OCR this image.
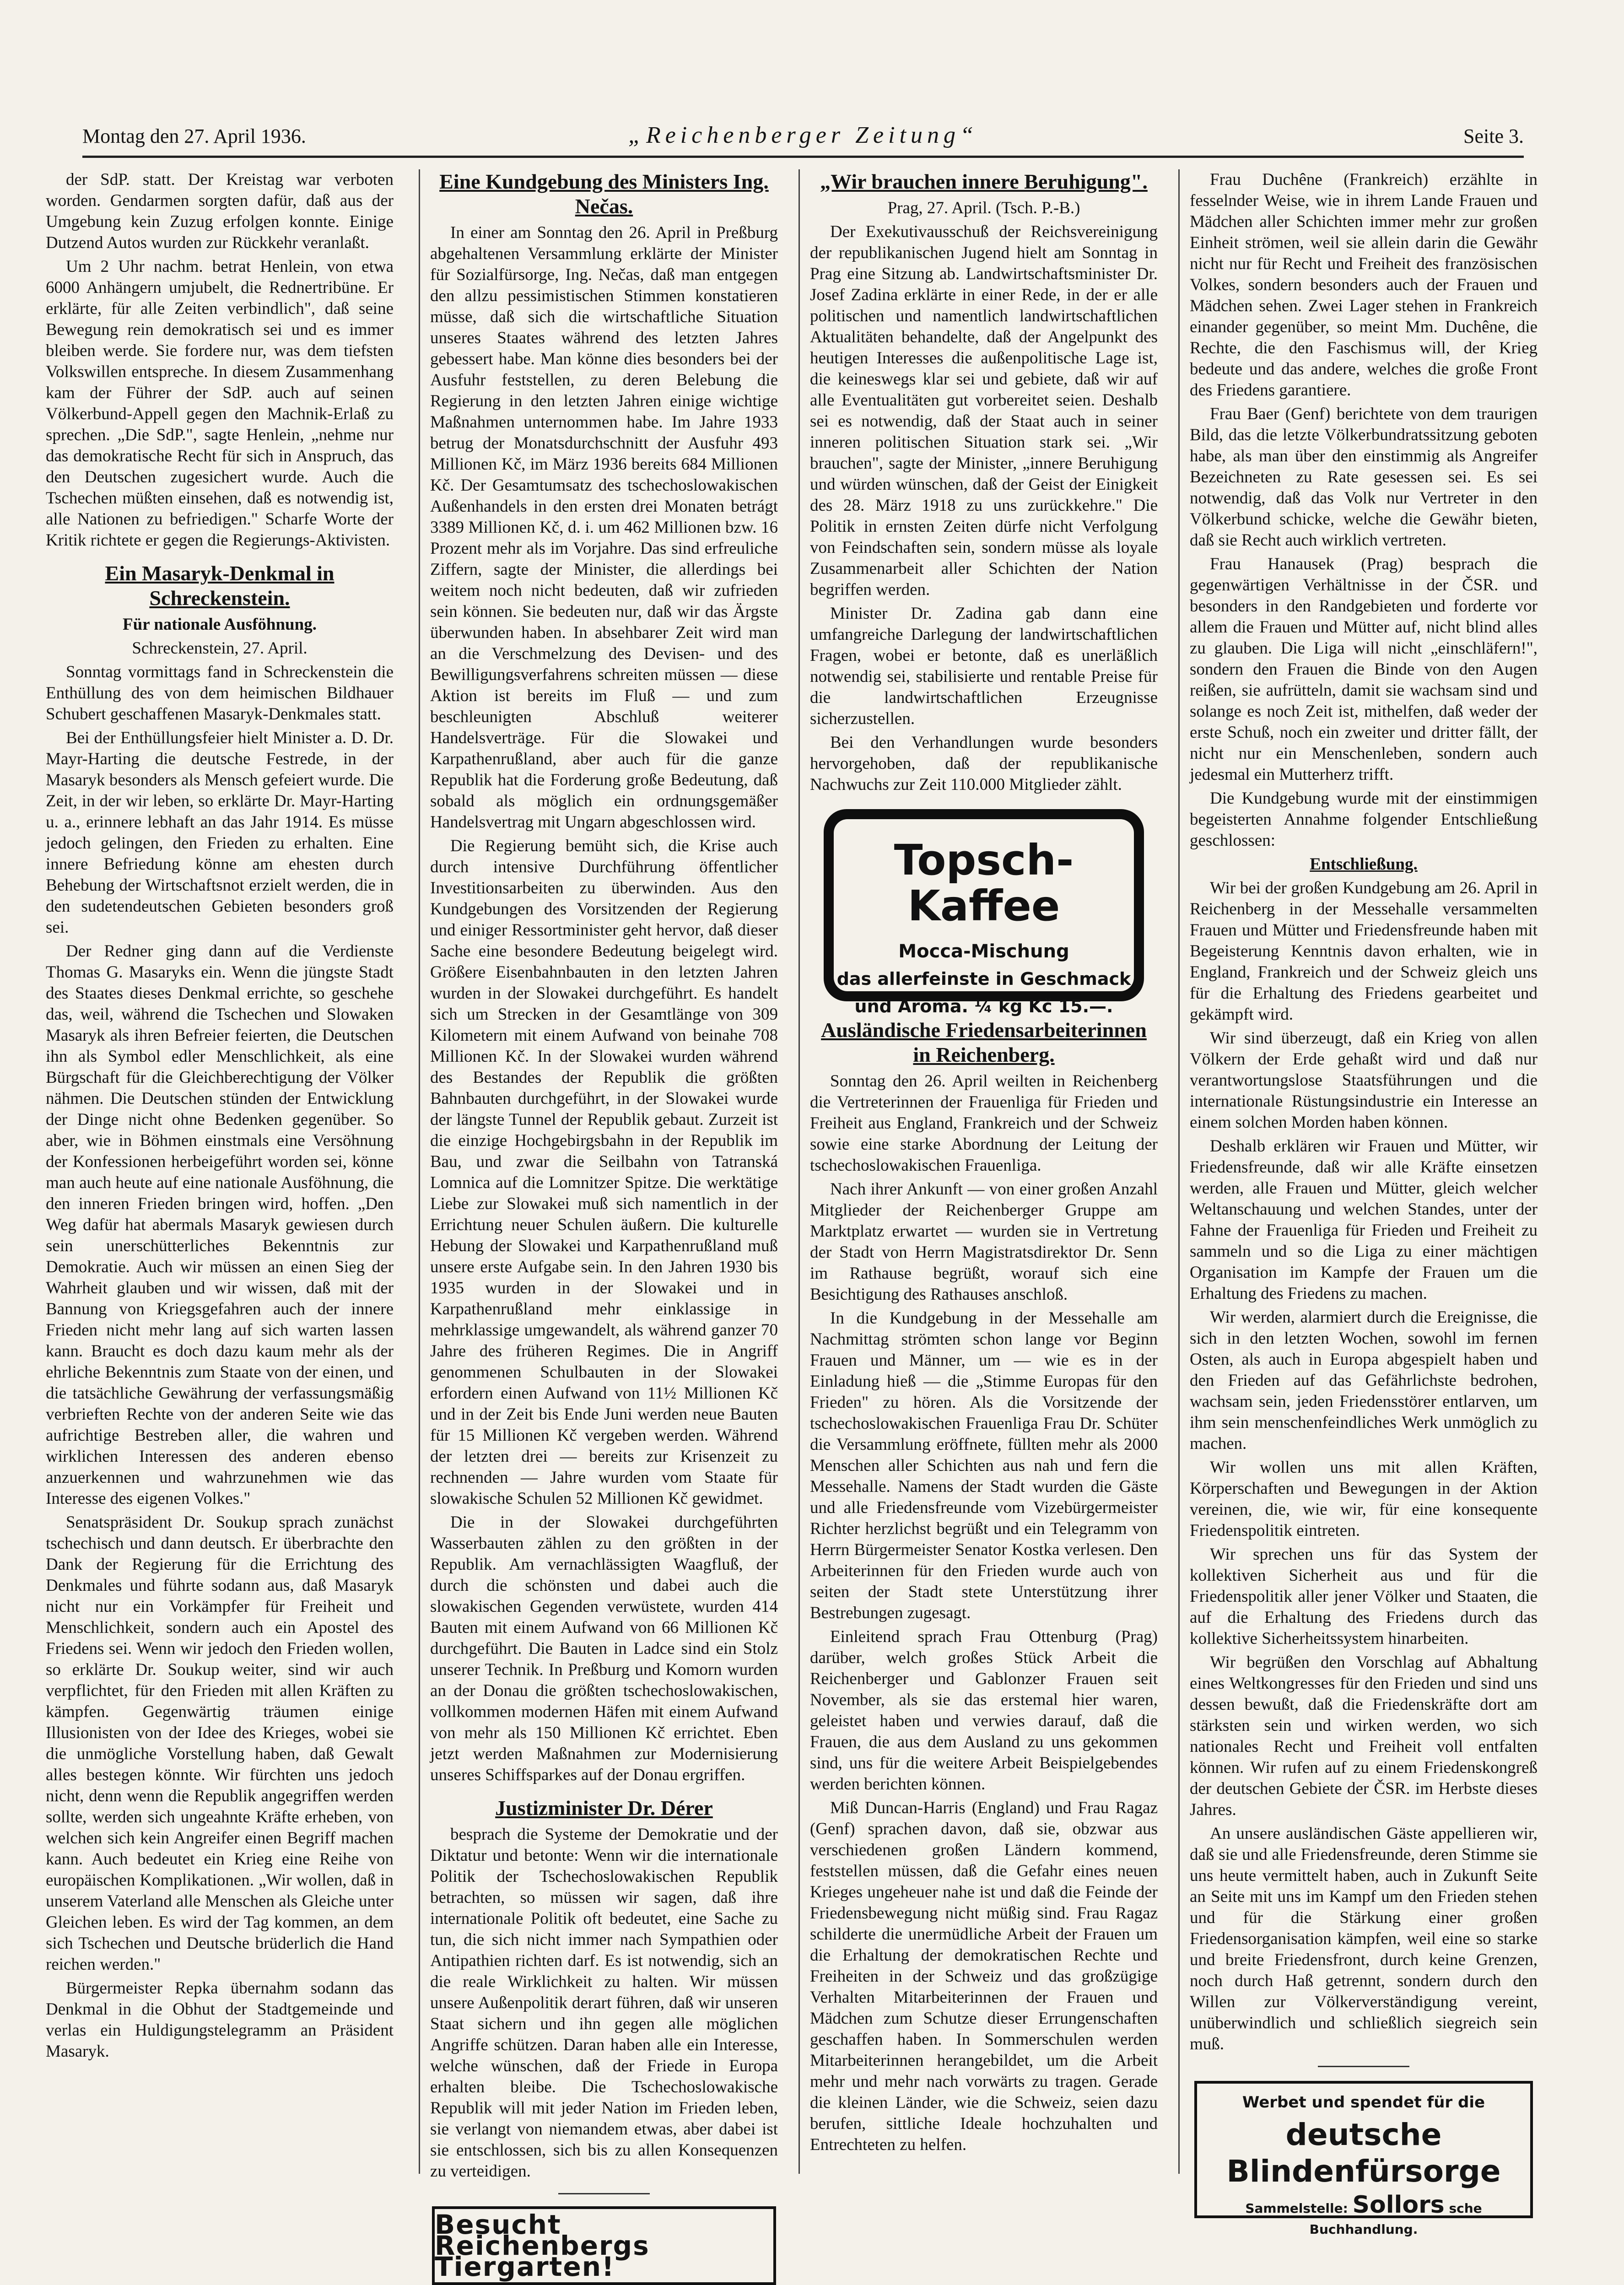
Montag den 27. April 1936.	„Reichenberger Zeitung“	Seite 3.

der SdP. statt. Der Kreistag war verboten worden. Gendarmen sorgten dafür, daß aus der Umgebung kein Zuzug erfolgen konnte. Einige Dutzend Autos wurden zur Rückkehr veranlaßt.

Um 2 Uhr nachm. betrat Henlein, von etwa 6000 Anhängern umjubelt, die Rednertribüne. Er erklärte, für alle Zeiten verbindlich", daß seine Bewegung rein demokratisch sei und es immer bleiben werde. Sie fordere nur, was dem tiefsten Volkswillen entspreche. In diesem Zusammenhang kam der Führer der SdP. auch auf seinen Völkerbund-Appell gegen den Machnik-Erlaß zu sprechen. „Die SdP.", sagte Henlein, „nehme nur das demokratische Recht für sich in Anspruch, das den Deutschen zugesichert wurde. Auch die Tschechen müßten einsehen, daß es notwendig ist, alle Nationen zu befriedigen." Scharfe Worte der Kritik richtete er gegen die Regierungs-Aktivisten.

Ein Masaryk-Denkmal in Schreckenstein.
Für nationale Ausföhnung.
Schreckenstein, 27. April.

Sonntag vormittags fand in Schreckenstein die Enthüllung des von dem heimischen Bildhauer Schubert geschaffenen Masaryk-Denkmales statt.

Bei der Enthüllungsfeier hielt Minister a. D. Dr. Mayr-Harting die deutsche Festrede, in der Masaryk besonders als Mensch gefeiert wurde. Die Zeit, in der wir leben, so erklärte Dr. Mayr-Harting u. a., erinnere lebhaft an das Jahr 1914. Es müsse jedoch gelingen, den Frieden zu erhalten. Eine innere Befriedung könne am ehesten durch Behebung der Wirtschaftsnot erzielt werden, die in den sudetendeutschen Gebieten besonders groß sei.

Der Redner ging dann auf die Verdienste Thomas G. Masaryks ein. Wenn die jüngste Stadt des Staates dieses Denkmal errichte, so geschehe das, weil, während die Tschechen und Slowaken Masaryk als ihren Befreier feierten, die Deutschen ihn als Symbol edler Menschlichkeit, als eine Bürgschaft für die Gleichberechtigung der Völker nähmen. Die Deutschen stünden der Entwicklung der Dinge nicht ohne Bedenken gegenüber. So aber, wie in Böhmen einstmals eine Versöhnung der Konfessionen herbeigeführt worden sei, könne man auch heute auf eine nationale Ausföhnung, die den inneren Frieden bringen wird, hoffen. „Den Weg dafür hat abermals Masaryk gewiesen durch sein unerschütterliches Bekenntnis zur Demokratie. Auch wir müssen an einen Sieg der Wahrheit glauben und wir wissen, daß mit der Bannung von Kriegsgefahren auch der innere Frieden nicht mehr lang auf sich warten lassen kann. Braucht es doch dazu kaum mehr als der ehrliche Bekenntnis zum Staate von der einen, und die tatsächliche Gewährung der verfassungsmäßig verbrieften Rechte von der anderen Seite wie das aufrichtige Bestreben aller, die wahren und wirklichen Interessen des anderen ebenso anzuerkennen und wahrzunehmen wie das Interesse des eigenen Volkes."

Senatspräsident Dr. Soukup sprach zunächst tschechisch und dann deutsch. Er überbrachte den Dank der Regierung für die Errichtung des Denkmales und führte sodann aus, daß Masaryk nicht nur ein Vorkämpfer für Freiheit und Menschlichkeit, sondern auch ein Apostel des Friedens sei. Wenn wir jedoch den Frieden wollen, so erklärte Dr. Soukup weiter, sind wir auch verpflichtet, für den Frieden mit allen Kräften zu kämpfen. Gegenwärtig träumen einige Illusionisten von der Idee des Krieges, wobei sie die unmögliche Vorstellung haben, daß Gewalt alles bestegen könnte. Wir fürchten uns jedoch nicht, denn wenn die Republik angegriffen werden sollte, werden sich ungeahnte Kräfte erheben, von welchen sich kein Angreifer einen Begriff machen kann. Auch bedeutet ein Krieg eine Reihe von europäischen Komplikationen. „Wir wollen, daß in unserem Vaterland alle Menschen als Gleiche unter Gleichen leben. Es wird der Tag kommen, an dem sich Tschechen und Deutsche brüderlich die Hand reichen werden."

Bürgermeister Repka übernahm sodann das Denkmal in die Obhut der Stadtgemeinde und verlas ein Huldigungstelegramm an Präsident Masaryk.

Eine Kundgebung des Ministers Ing. Nečas.

In einer am Sonntag den 26. April in Preßburg abgehaltenen Versammlung erklärte der Minister für Sozialfürsorge, Ing. Nečas, daß man entgegen den allzu pessimistischen Stimmen konstatieren müsse, daß sich die wirtschaftliche Situation unseres Staates während des letzten Jahres gebessert habe. Man könne dies besonders bei der Ausfuhr feststellen, zu deren Belebung die Regierung in den letzten Jahren einige wichtige Maßnahmen unternommen habe. Im Jahre 1933 betrug der Monatsdurchschnitt der Ausfuhr 493 Millionen Kč, im März 1936 bereits 684 Millionen Kč. Der Gesamtumsatz des tschechoslowakischen Außenhandels in den ersten drei Monaten betrágt 3389 Millionen Kč, d. i. um 462 Millionen bzw. 16 Prozent mehr als im Vorjahre. Das sind erfreuliche Ziffern, sagte der Minister, die allerdings bei weitem noch nicht bedeuten, daß wir zufrieden sein können. Sie bedeuten nur, daß wir das Ärgste überwunden haben. In absehbarer Zeit wird man an die Verschmelzung des Devisen- und des Bewilligungsverfahrens schreiten müssen — diese Aktion ist bereits im Fluß — und zum beschleunigten Abschluß weiterer Handelsverträge. Für die Slowakei und Karpathenrußland, aber auch für die ganze Republik hat die Forderung große Bedeutung, daß sobald als möglich ein ordnungsgemäßer Handelsvertrag mit Ungarn abgeschlossen wird.

Die Regierung bemüht sich, die Krise auch durch intensive Durchführung öffentlicher Investitionsarbeiten zu überwinden. Aus den Kundgebungen des Vorsitzenden der Regierung und einiger Ressortminister geht hervor, daß dieser Sache eine besondere Bedeutung beigelegt wird. Größere Eisenbahnbauten in den letzten Jahren wurden in der Slowakei durchgeführt. Es handelt sich um Strecken in der Gesamtlänge von 309 Kilometern mit einem Aufwand von beinahe 708 Millionen Kč. In der Slowakei wurden während des Bestandes der Republik die größten Bahnbauten durchgeführt, in der Slowakei wurde der längste Tunnel der Republik gebaut. Zurzeit ist die einzige Hochgebirgsbahn in der Republik im Bau, und zwar die Seilbahn von Tatranská Lomnica auf die Lomnitzer Spitze. Die werktätige Liebe zur Slowakei muß sich namentlich in der Errichtung neuer Schulen äußern. Die kulturelle Hebung der Slowakei und Karpathenrußland muß unsere erste Aufgabe sein. In den Jahren 1930 bis 1935 wurden in der Slowakei und in Karpathenrußland mehr einklassige in mehrklassige umgewandelt, als während ganzer 70 Jahre des früheren Regimes. Die in Angriff genommenen Schulbauten in der Slowakei erfordern einen Aufwand von 11½ Millionen Kč und in der Zeit bis Ende Juni werden neue Bauten für 15 Millionen Kč vergeben werden. Während der letzten drei — bereits zur Krisenzeit zu rechnenden — Jahre wurden vom Staate für slowakische Schulen 52 Millionen Kč gewidmet.

Die in der Slowakei durchgeführten Wasserbauten zählen zu den größten in der Republik. Am vernachlässigten Waagfluß, der durch die schönsten und dabei auch die slowakischen Gegenden verwüstete, wurden 414 Bauten mit einem Aufwand von 66 Millionen Kč durchgeführt. Die Bauten in Ladce sind ein Stolz unserer Technik. In Preßburg und Komorn wurden an der Donau die größten tschechoslowakischen, vollkommen modernen Häfen mit einem Aufwand von mehr als 150 Millionen Kč errichtet. Eben jetzt werden Maßnahmen zur Modernisierung unseres Schiffsparkes auf der Donau ergriffen.

Justizminister Dr. Dérer

besprach die Systeme der Demokratie und der Diktatur und betonte: Wenn wir die internationale Politik der Tschechoslowakischen Republik betrachten, so müssen wir sagen, daß ihre internationale Politik oft bedeutet, eine Sache zu tun, die sich nicht immer nach Sympathien oder Antipathien richten darf. Es ist notwendig, sich an die reale Wirklichkeit zu halten. Wir müssen unsere Außenpolitik derart führen, daß wir unseren Staat sichern und ihn gegen alle möglichen Angriffe schützen. Daran haben alle ein Interesse, welche wünschen, daß der Friede in Europa erhalten bleibe. Die Tschechoslowakische Republik will mit jeder Nation im Frieden leben, sie verlangt von niemandem etwas, aber dabei ist sie entschlossen, sich bis zu allen Konsequenzen zu verteidigen.

Besucht Reichenbergs Tiergarten!
„Wir brauchen innere Beruhigung".
Prag, 27. April. (Tsch. P.-B.)

Der Exekutivausschuß der Reichsvereinigung der republikanischen Jugend hielt am Sonntag in Prag eine Sitzung ab. Landwirtschaftsminister Dr. Josef Zadina erklärte in einer Rede, in der er alle politischen und namentlich landwirtschaftlichen Aktualitäten behandelte, daß der Angelpunkt des heutigen Interesses die außenpolitische Lage ist, die keineswegs klar sei und gebiete, daß wir auf alle Eventualitäten gut vorbereitet seien. Deshalb sei es notwendig, daß der Staat auch in seiner inneren politischen Situation stark sei. „Wir brauchen", sagte der Minister, „innere Beruhigung und würden wünschen, daß der Geist der Einigkeit des 28. März 1918 zu uns zurückkehre." Die Politik in ernsten Zeiten dürfe nicht Verfolgung von Feindschaften sein, sondern müsse als loyale Zusammenarbeit aller Schichten der Nation begriffen werden.

Minister Dr. Zadina gab dann eine umfangreiche Darlegung der landwirtschaftlichen Fragen, wobei er betonte, daß es unerläßlich notwendig sei, stabilisierte und rentable Preise für die landwirtschaftlichen Erzeugnisse sicherzustellen.

Bei den Verhandlungen wurde besonders hervorgehoben, daß der republikanische Nachwuchs zur Zeit 110.000 Mitglieder zählt.

Topsch-Kaffee
Mocca-Mischung
das allerfeinste in Geschmack
und Aroma. ¼ kg Kč 15.—.
Ausländische Friedensarbeiterinnen in Reichenberg.

Sonntag den 26. April weilten in Reichenberg die Vertreterinnen der Frauenliga für Frieden und Freiheit aus England, Frankreich und der Schweiz sowie eine starke Abordnung der Leitung der tschechoslowakischen Frauenliga.

Nach ihrer Ankunft — von einer großen Anzahl Mitglieder der Reichenberger Gruppe am Marktplatz erwartet — wurden sie in Vertretung der Stadt von Herrn Magistratsdirektor Dr. Senn im Rathause begrüßt, worauf sich eine Besichtigung des Rathauses anschloß.

In die Kundgebung in der Messehalle am Nachmittag strömten schon lange vor Beginn Frauen und Männer, um — wie es in der Einladung hieß — die „Stimme Europas für den Frieden" zu hören. Als die Vorsitzende der tschechoslowakischen Frauenliga Frau Dr. Schüter die Versammlung eröffnete, füllten mehr als 2000 Menschen aller Schichten aus nah und fern die Messehalle. Namens der Stadt wurden die Gäste und alle Friedensfreunde vom Vizebürgermeister Richter herzlichst begrüßt und ein Telegramm von Herrn Bürgermeister Senator Kostka verlesen. Den Arbeiterinnen für den Frieden wurde auch von seiten der Stadt stete Unterstützung ihrer Bestrebungen zugesagt.

Einleitend sprach Frau Ottenburg (Prag) darüber, welch großes Stück Arbeit die Reichenberger und Gablonzer Frauen seit November, als sie das erstemal hier waren, geleistet haben und verwies darauf, daß die Frauen, die aus dem Ausland zu uns gekommen sind, uns für die weitere Arbeit Beispielgebendes werden berichten können.

Miß Duncan-Harris (England) und Frau Ragaz (Genf) sprachen davon, daß sie, obzwar aus verschiedenen großen Ländern kommend, feststellen müssen, daß die Gefahr eines neuen Krieges ungeheuer nahe ist und daß die Feinde der Friedensbewegung nicht müßig sind. Frau Ragaz schilderte die unermüdliche Arbeit der Frauen um die Erhaltung der demokratischen Rechte und Freiheiten in der Schweiz und das großzügige Verhalten Mitarbeiterinnen der Frauen und Mädchen zum Schutze dieser Errungenschaften geschaffen haben. In Sommerschulen werden Mitarbeiterinnen herangebildet, um die Arbeit mehr und mehr nach vorwärts zu tragen. Gerade die kleinen Länder, wie die Schweiz, seien dazu berufen, sittliche Ideale hochzuhalten und Entrechteten zu helfen.

Frau Duchêne (Frankreich) erzählte in fesselnder Weise, wie in ihrem Lande Frauen und Mädchen aller Schichten immer mehr zur großen Einheit strömen, weil sie allein darin die Gewähr nicht nur für Recht und Freiheit des französischen Volkes, sondern besonders auch der Frauen und Mädchen sehen. Zwei Lager stehen in Frankreich einander gegenüber, so meint Mm. Duchêne, die Rechte, die den Faschismus will, der Krieg bedeute und das andere, welches die große Front des Friedens garantiere.

Frau Baer (Genf) berichtete von dem traurigen Bild, das die letzte Völkerbundratssitzung geboten habe, als man über den einstimmig als Angreifer Bezeichneten zu Rate gesessen sei. Es sei notwendig, daß das Volk nur Vertreter in den Völkerbund schicke, welche die Gewähr bieten, daß sie Recht auch wirklich vertreten.

Frau Hanausek (Prag) besprach die gegenwärtigen Verhältnisse in der ČSR. und besonders in den Randgebieten und forderte vor allem die Frauen und Mütter auf, nicht blind alles zu glauben. Die Liga will nicht „einschläfern!", sondern den Frauen die Binde von den Augen reißen, sie aufrütteln, damit sie wachsam sind und solange es noch Zeit ist, mithelfen, daß weder der erste Schuß, noch ein zweiter und dritter fällt, der nicht nur ein Menschenleben, sondern auch jedesmal ein Mutterherz trifft.

Die Kundgebung wurde mit der einstimmigen begeisterten Annahme folgender Entschließung geschlossen:

Entschließung.

Wir bei der großen Kundgebung am 26. April in Reichenberg in der Messehalle versammelten Frauen und Mütter und Friedensfreunde haben mit Begeisterung Kenntnis davon erhalten, wie in England, Frankreich und der Schweiz gleich uns für die Erhaltung des Friedens gearbeitet und gekämpft wird.

Wir sind überzeugt, daß ein Krieg von allen Völkern der Erde gehaßt wird und daß nur verantwortungslose Staatsführungen und die internationale Rüstungsindustrie ein Interesse an einem solchen Morden haben können.

Deshalb erklären wir Frauen und Mütter, wir Friedensfreunde, daß wir alle Kräfte einsetzen werden, alle Frauen und Mütter, gleich welcher Weltanschauung und welchen Standes, unter der Fahne der Frauenliga für Frieden und Freiheit zu sammeln und so die Liga zu einer mächtigen Organisation im Kampfe der Frauen um die Erhaltung des Friedens zu machen.

Wir werden, alarmiert durch die Ereignisse, die sich in den letzten Wochen, sowohl im fernen Osten, als auch in Europa abgespielt haben und den Frieden auf das Gefährlichste bedrohen, wachsam sein, jeden Friedensstörer entlarven, um ihm sein menschenfeindliches Werk unmöglich zu machen.

Wir wollen uns mit allen Kräften, Körperschaften und Bewegungen in der Aktion vereinen, die, wie wir, für eine konsequente Friedenspolitik eintreten.

Wir sprechen uns für das System der kollektiven Sicherheit aus und für die Friedenspolitik aller jener Völker und Staaten, die auf die Erhaltung des Friedens durch das kollektive Sicherheitssystem hinarbeiten.

Wir begrüßen den Vorschlag auf Abhaltung eines Weltkongresses für den Frieden und sind uns dessen bewußt, daß die Friedenskräfte dort am stärksten sein und wirken werden, wo sich nationales Recht und Freiheit voll entfalten können. Wir rufen auf zu einem Friedenskongreß der deutschen Gebiete der ČSR. im Herbste dieses Jahres.

An unsere ausländischen Gäste appellieren wir, daß sie und alle Friedensfreunde, deren Stimme sie uns heute vermittelt haben, auch in Zukunft Seite an Seite mit uns im Kampf um den Frieden stehen und für die Stärkung einer großen Friedensorganisation kämpfen, weil eine so starke und breite Friedensfront, durch keine Grenzen, noch durch Haß getrennt, sondern durch den Willen zur Völkerverständigung vereint, unüberwindlich und schließlich siegreich sein muß.

Werbet und spendet für die
deutsche Blindenfürsorge
Sammelstelle: Sollors sche Buchhandlung.
